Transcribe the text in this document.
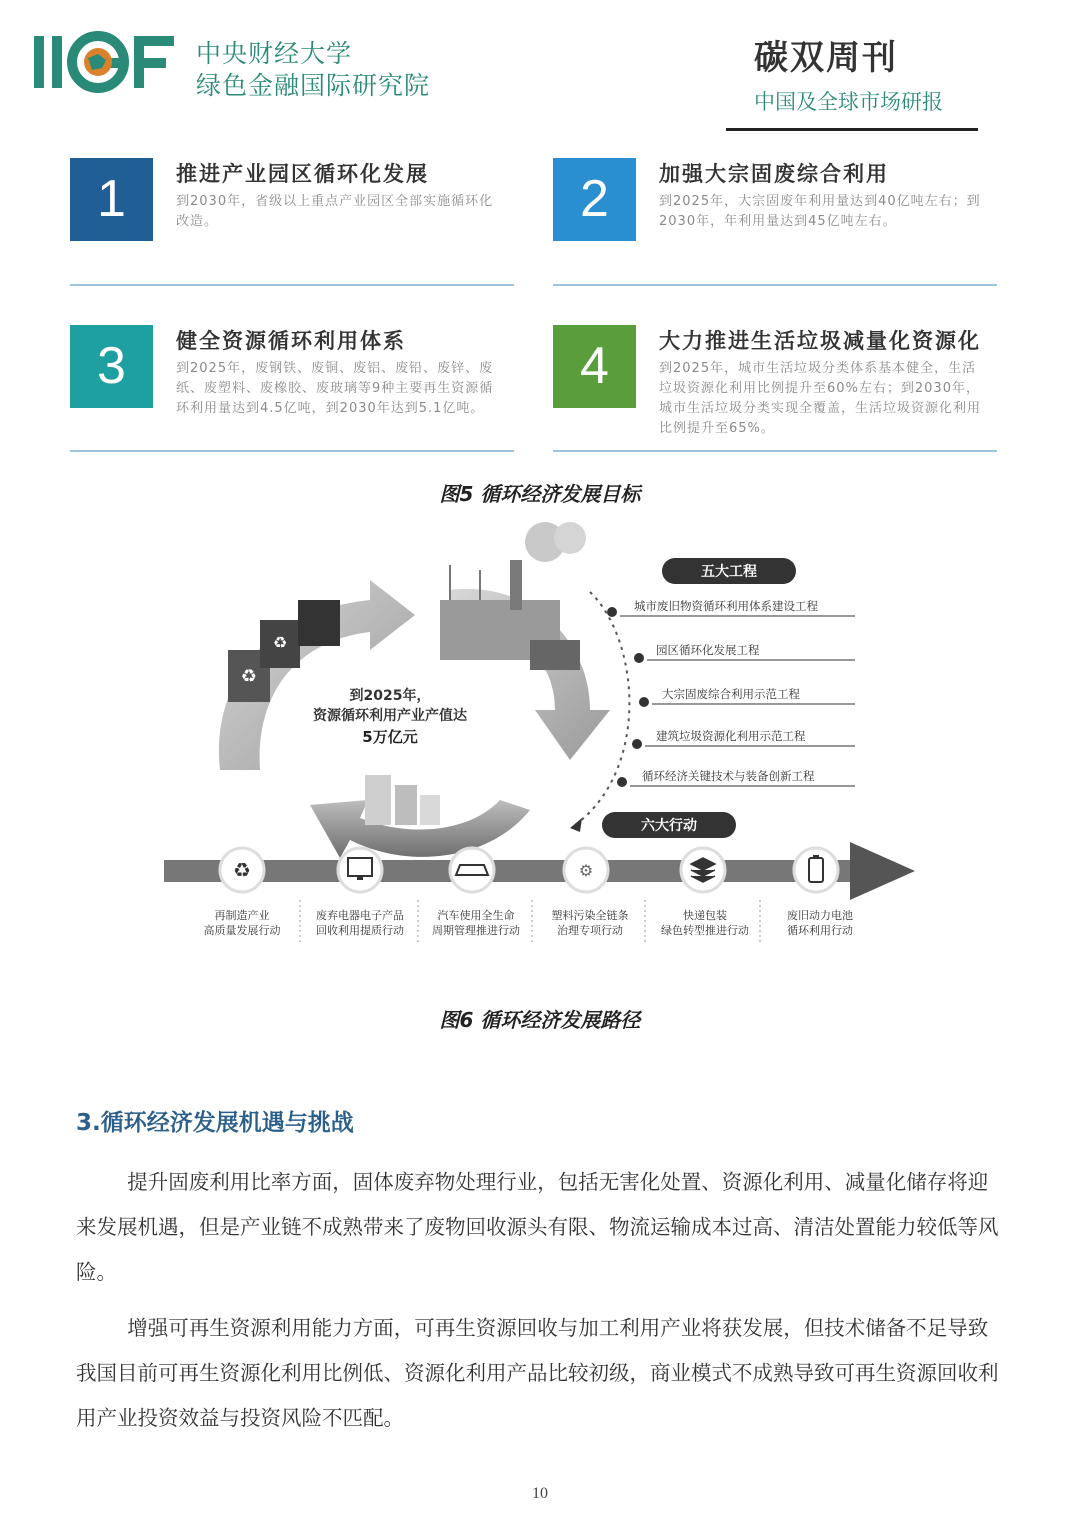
中央财经大学
绿色金融国际研究院
碳双周刊
中国及全球市场研报
1	推进产业园区循环化发展
到2030年，省级以上重点产业园区全部实施循环化改造。	2	加强大宗固废综合利用
到2025年，大宗固废年利用量达到40亿吨左右；到2030年，年利用量达到45亿吨左右。
3	健全资源循环利用体系
到2025年，废钢铁、废铜、废铝、废铅、废锌、废纸、废塑料、废橡胶、废玻璃等9种主要再生资源循环利用量达到4.5亿吨，到2030年达到5.1亿吨。
4	大力推进生活垃圾减量化资源化
到2025年，城市生活垃圾分类体系基本健全，生活垃圾资源化利用比例提升至60%左右；到2030年，城市生活垃圾分类实现全覆盖，生活垃圾资源化利用比例提升至65%。
图5 循环经济发展目标
♻
♻
到2025年，
资源循环利用产业产值达
5万亿元
五大工程
城市废旧物资循环利用体系建设工程
园区循环化发展工程
大宗固废综合利用示范工程
建筑垃圾资源化利用示范工程
循环经济关键技术与装备创新工程
六大行动
♻	⚙
再制造产业
高质量发展行动
废弃电器电子产品
回收利用提质行动
汽车使用全生命
周期管理推进行动
塑料污染全链条
治理专项行动
快递包装
绿色转型推进行动
废旧动力电池
循环利用行动
图6 循环经济发展路径
3.循环经济发展机遇与挑战

提升固废利用比率方面，固体废弃物处理行业，包括无害化处置、资源化利用、减量化储存将迎来发展机遇，但是产业链不成熟带来了废物回收源头有限、物流运输成本过高、清洁处置能力较低等风险。

增强可再生资源利用能力方面，可再生资源回收与加工利用产业将获发展，但技术储备不足导致我国目前可再生资源化利用比例低、资源化利用产品比较初级，商业模式不成熟导致可再生资源回收利用产业投资效益与投资风险不匹配。

10
